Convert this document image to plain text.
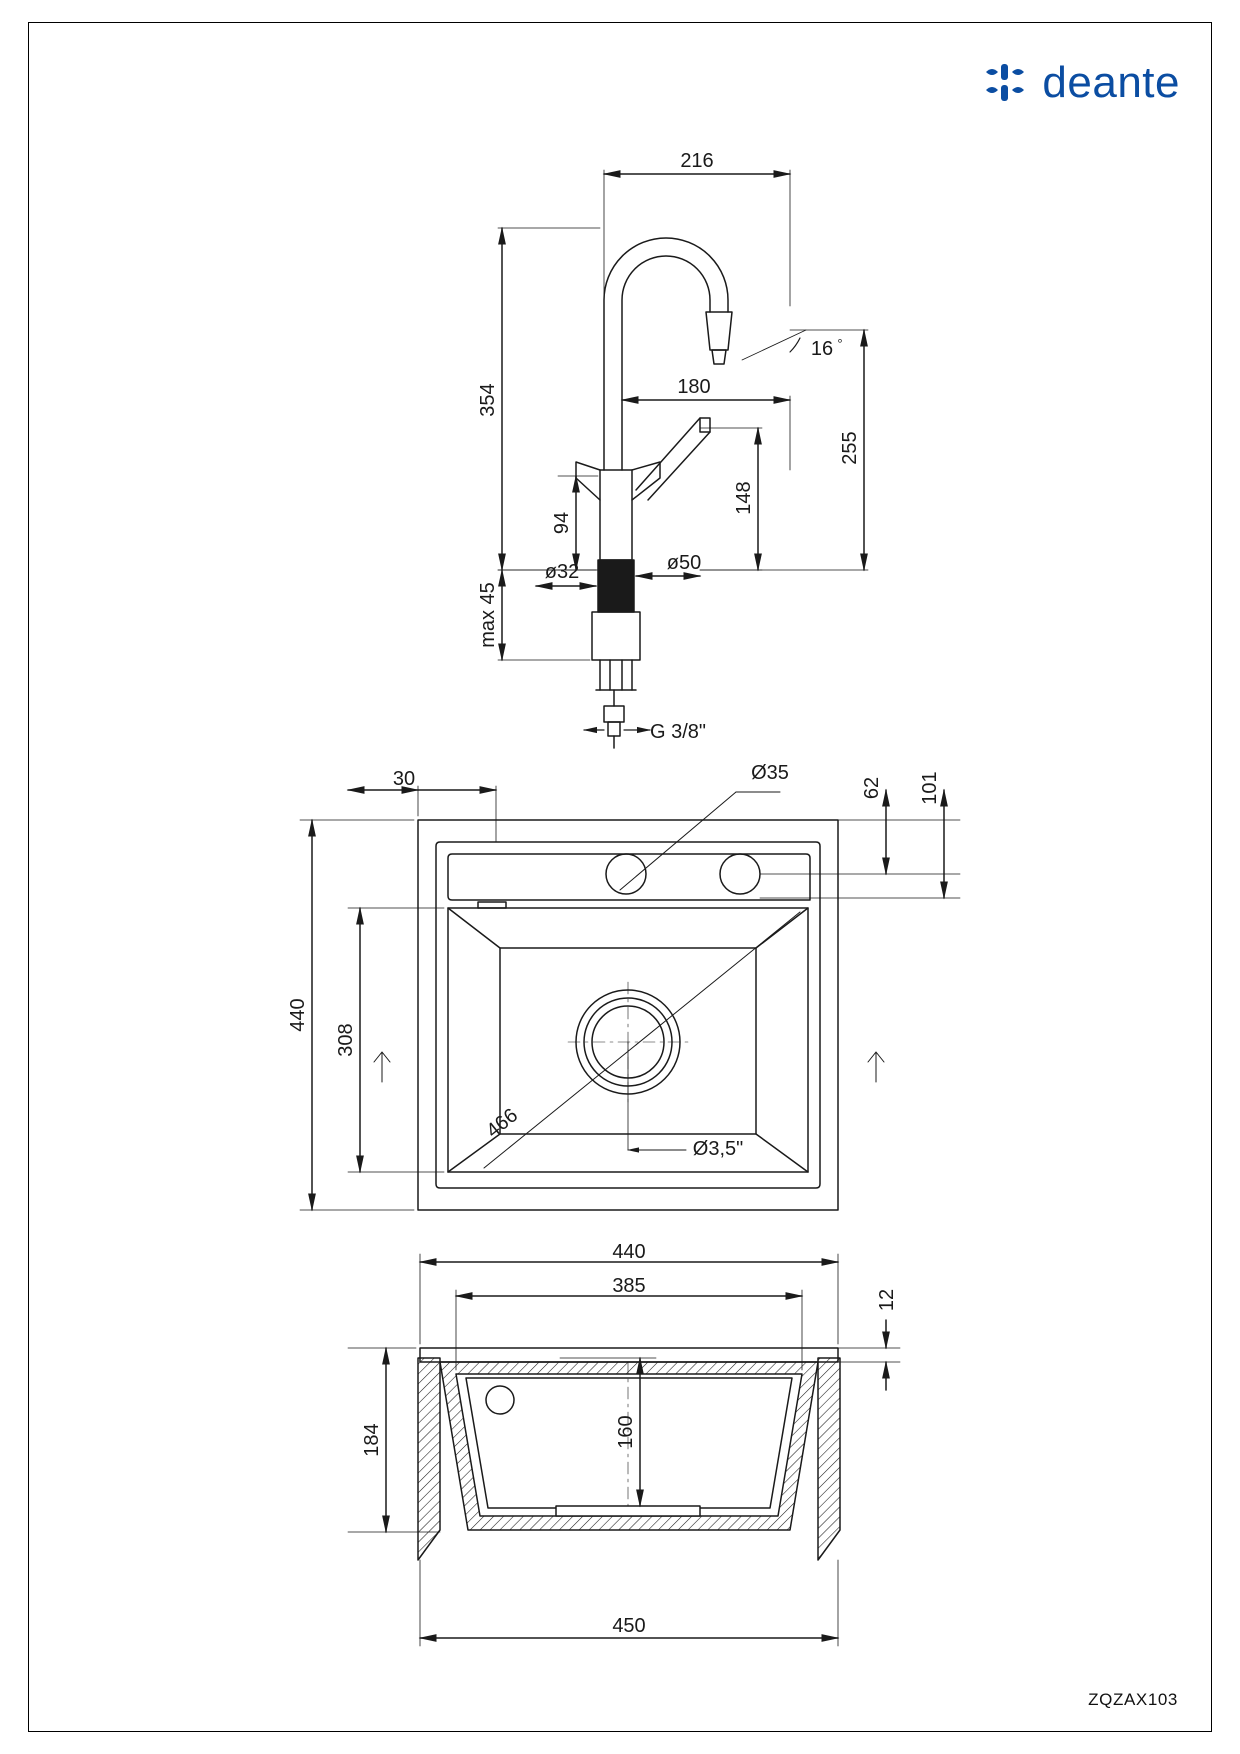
deante
216
180
ø32	ø50
G 3/8"
Ø35
30
Ø3,5"
440
385
450
16 °
354
255
148
94
max 45
62 101
440
308
184	160
12
466
ZQZAX103
